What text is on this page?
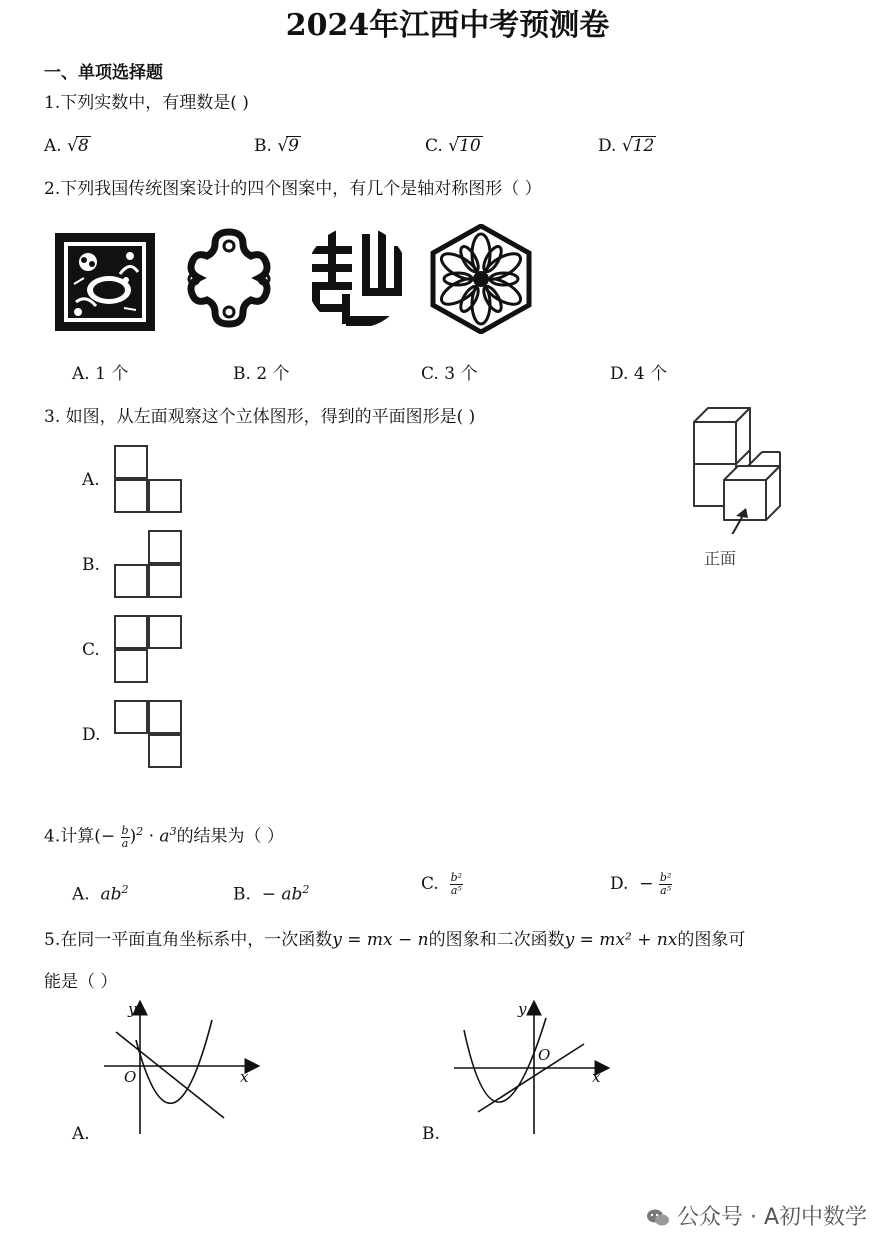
2024年江西中考预测卷
一、单项选择题
1.下列实数中，有理数是( )
A. √8	B. √9	C. √10	D. √12
2.下列我国传统图案设计的四个图案中，有几个是轴对称图形（ ）
A. 1 个	B. 2 个	C. 3 个	D. 4 个
3. 如图，从左面观察这个立体图形，得到的平面图形是( )
A.
B.
C.
D.
正面
4.计算(− $\frac{b}{a} )^2 \cdot a^3$的结果为（ ）
A. $ab^2$	B. − $ab^2$	C. $\frac{\text{b²}}{\text{a⁵}}$	D. − $\frac{\text{b²}}{\text{a⁵}}$
5.在同一平面直角坐标系中，一次函数y = mx − n的图象和二次函数y = mx² + nx的图象可
能是（ ）
y
x
O
A.
y
x
O
B.
公众号 · A初中数学
